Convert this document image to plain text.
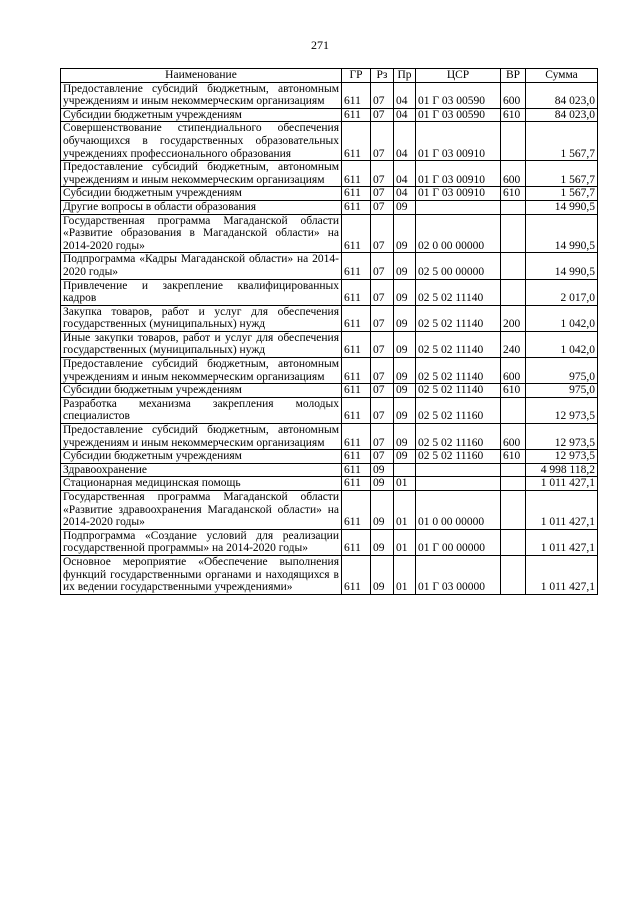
271
Наименование	ГР	Рз	Пр	ЦСР	ВР	Сумма
Предоставление субсидий бюджетным, автономным учреждениям и иным некоммерческим организациям	611	07	04	01 Г 03 00590	600	84 023,0
Субсидии бюджетным учреждениям	611	07	04	01 Г 03 00590	610	84 023,0
Совершенствование стипендиального обеспечения обучающихся в государственных образовательных учреждениях профессионального образования	611	07	04	01 Г 03 00910		1 567,7
Предоставление субсидий бюджетным, автономным учреждениям и иным некоммерческим организациям	611	07	04	01 Г 03 00910	600	1 567,7
Субсидии бюджетным учреждениям	611	07	04	01 Г 03 00910	610	1 567,7
Другие вопросы в области образования	611	07	09			14 990,5
Государственная программа Магаданской области «Развитие образования в Магаданской области» на 2014-2020 годы»	611	07	09	02 0 00 00000		14 990,5
Подпрограмма «Кадры Магаданской области» на 2014-2020 годы»	611	07	09	02 5 00 00000		14 990,5
Привлечение и закрепление квалифицированных кадров	611	07	09	02 5 02 11140		2 017,0
Закупка товаров, работ и услуг для обеспечения государственных (муниципальных) нужд	611	07	09	02 5 02 11140	200	1 042,0
Иные закупки товаров, работ и услуг для обеспечения государственных (муниципальных) нужд	611	07	09	02 5 02 11140	240	1 042,0
Предоставление субсидий бюджетным, автономным учреждениям и иным некоммерческим организациям	611	07	09	02 5 02 11140	600	975,0
Субсидии бюджетным учреждениям	611	07	09	02 5 02 11140	610	975,0
Разработка механизма закрепления молодых специалистов	611	07	09	02 5 02 11160		12 973,5
Предоставление субсидий бюджетным, автономным учреждениям и иным некоммерческим организациям	611	07	09	02 5 02 11160	600	12 973,5
Субсидии бюджетным учреждениям	611	07	09	02 5 02 11160	610	12 973,5
Здравоохранение	611	09				4 998 118,2
Стационарная медицинская помощь	611	09	01			1 011 427,1
Государственная программа Магаданской области «Развитие здравоохранения Магаданской области» на 2014-2020 годы»	611	09	01	01 0 00 00000		1 011 427,1
Подпрограмма «Создание условий для реализации государственной программы» на 2014-2020 годы»	611	09	01	01 Г 00 00000		1 011 427,1
Основное мероприятие «Обеспечение выполнения функций государственными органами и находящихся в их ведении государственными учреждениями»	611	09	01	01 Г 03 00000		1 011 427,1
